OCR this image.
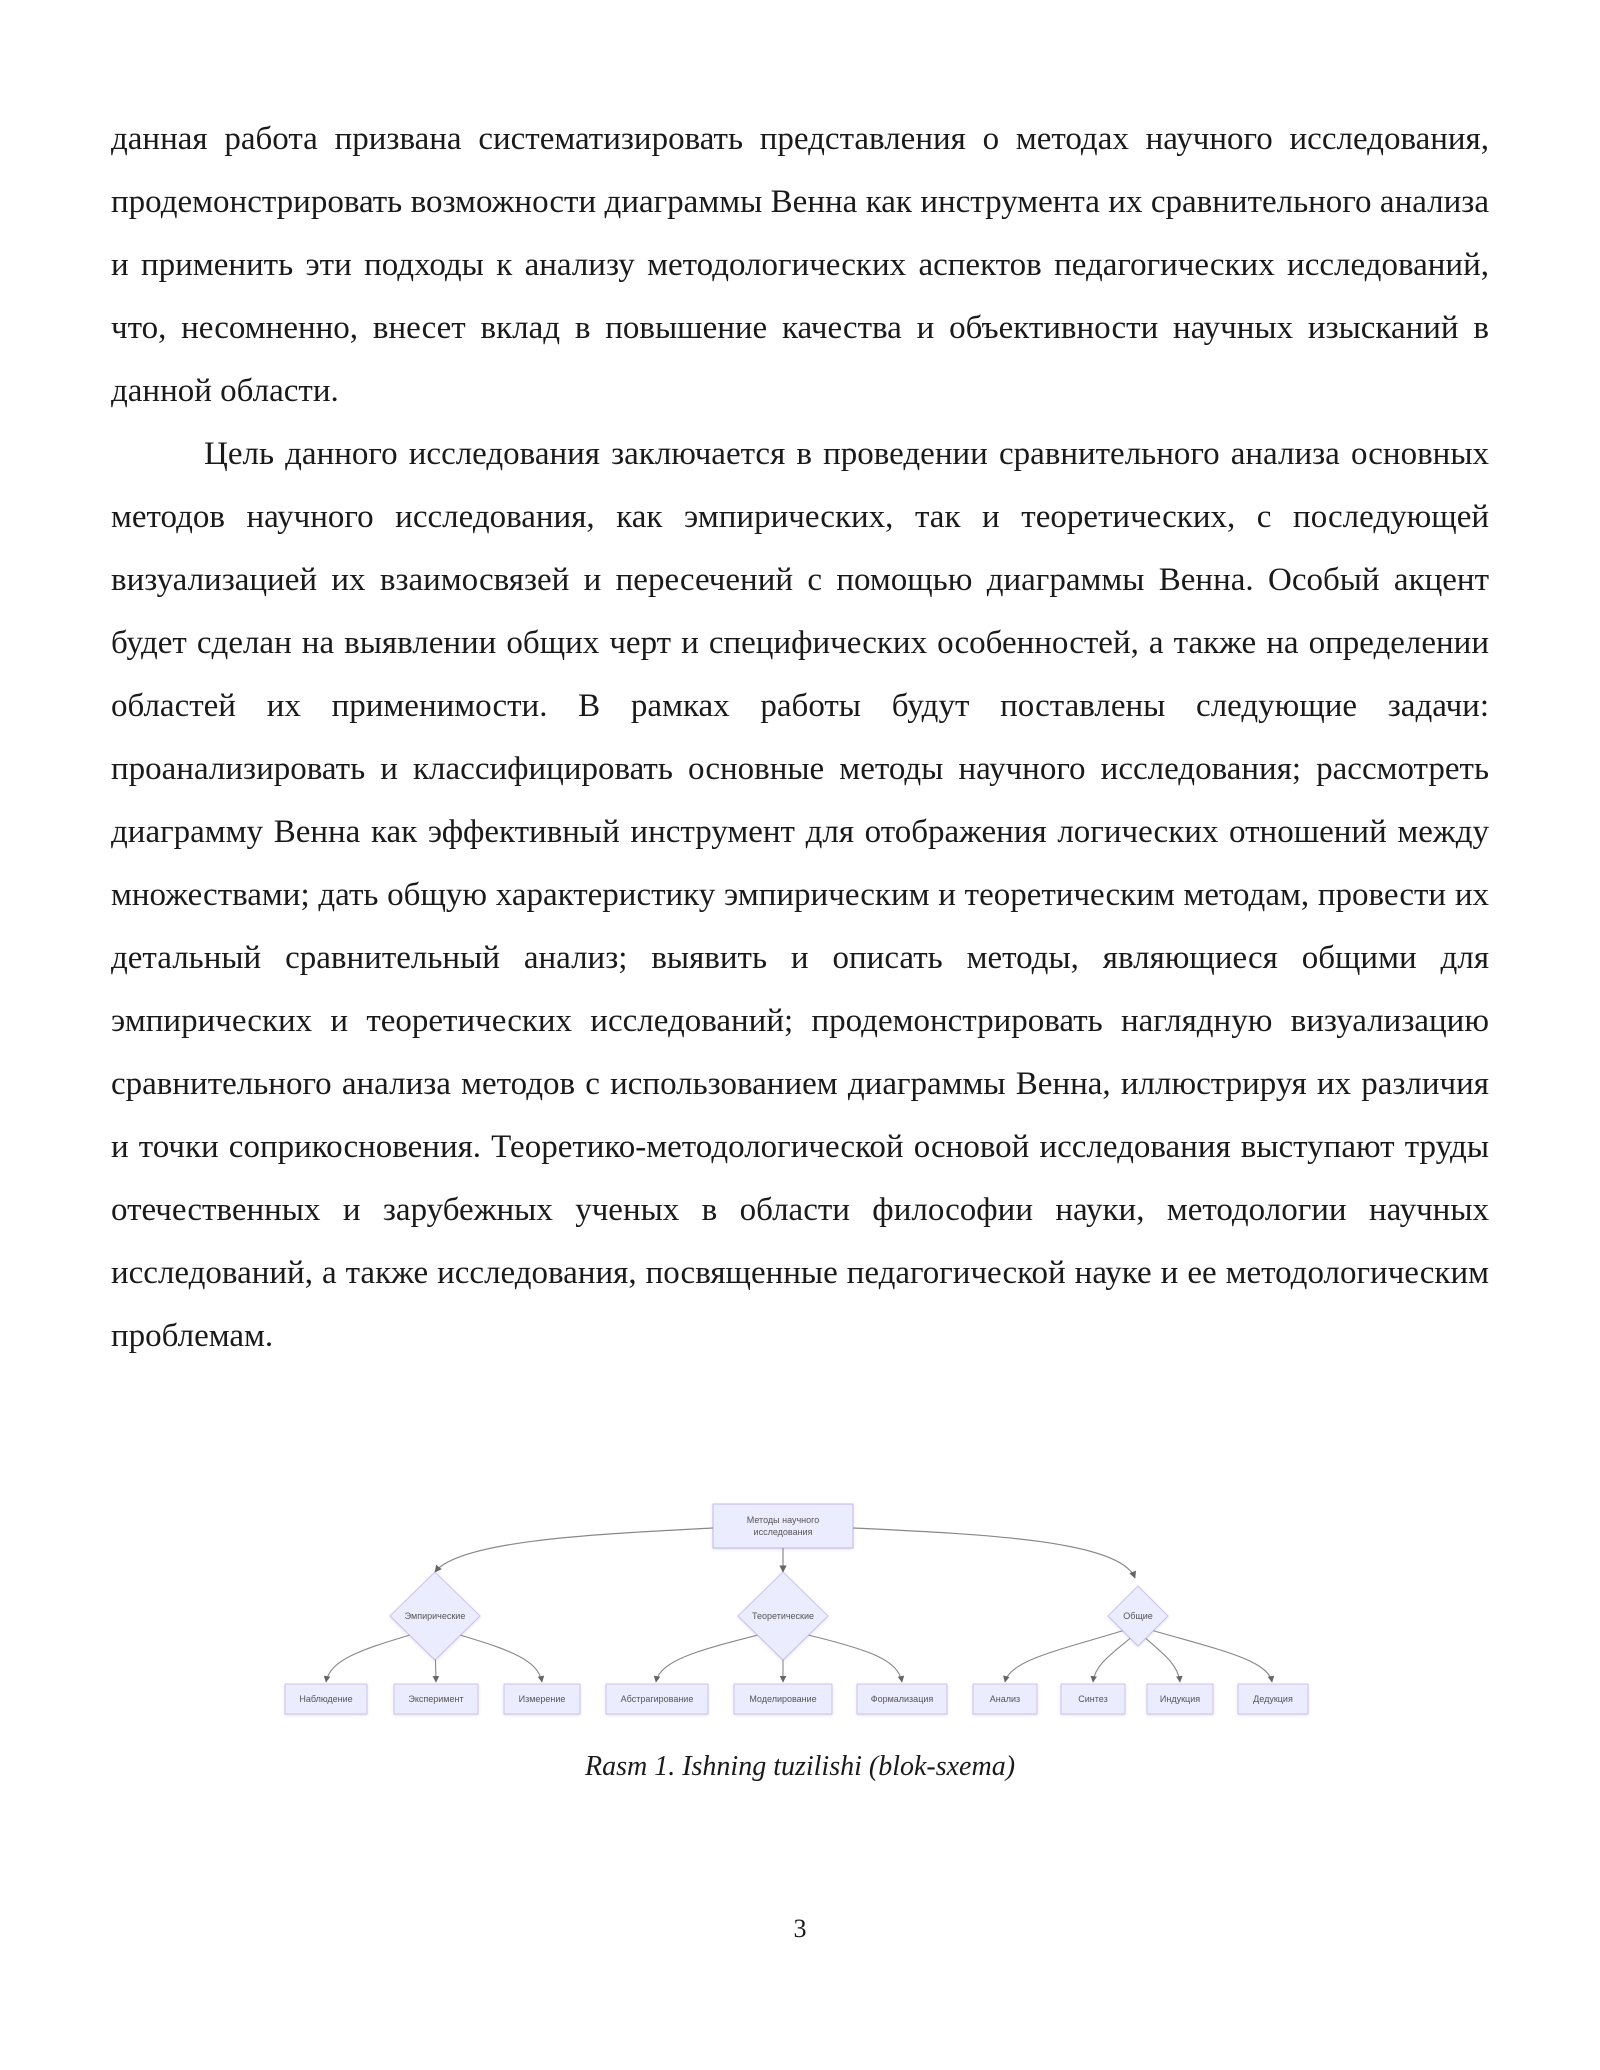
данная работа призвана систематизировать представления о методах научного исследования, продемонстрировать возможности диаграммы Венна как инструмента их сравнительного анализа и применить эти подходы к анализу методологических аспектов педагогических исследований, что, несомненно, внесет вклад в повышение качества и объективности научных изысканий в данной области.

Цель данного исследования заключается в проведении сравнительного анализа основных методов научного исследования, как эмпирических, так и теоретических, с последующей визуализацией их взаимосвязей и пересечений с помощью диаграммы Венна. Особый акцент будет сделан на выявлении общих черт и специфических особенностей, а также на определении областей их применимости. В рамках работы будут поставлены следующие задачи: проанализировать и классифицировать основные методы научного исследования; рассмотреть диаграмму Венна как эффективный инструмент для отображения логических отношений между множествами; дать общую характеристику эмпирическим и теоретическим методам, провести их детальный сравнительный анализ; выявить и описать методы, являющиеся общими для эмпирических и теоретических исследований; продемонстрировать наглядную визуализацию сравнительного анализа методов с использованием диаграммы Венна, иллюстрируя их различия и точки соприкосновения. Теоретико-методологической основой исследования выступают труды отечественных и зарубежных ученых в области философии науки, методологии научных исследований, а также исследования, посвященные педагогической науке и ее методологическим проблемам.

Методы научного
исследования
Эмпирические	Теоретические	Общие
Наблюдение	Эксперимент	Измерение	Абстрагирование	Моделирование	Формализация	Анализ	Синтез	Индукция	Дедукция
Rasm 1. Ishning tuzilishi (blok-sxema)
3
